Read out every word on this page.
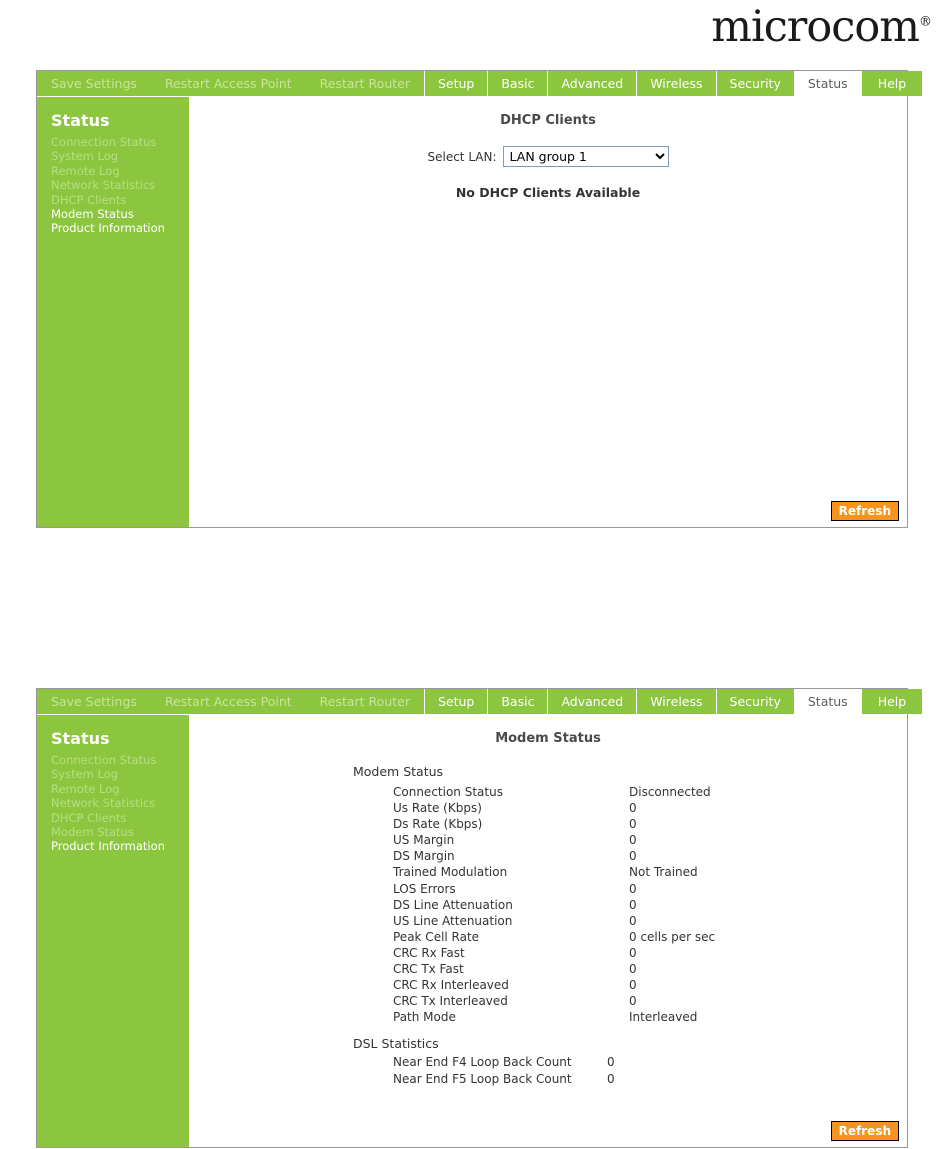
microcom®
Save Settings	Restart Access Point	Restart Router	Setup	Basic	Advanced	Wireless	Security	Status	Help
Status
Connection Status
System Log
Remote Log
Network Statistics
DHCP Clients
Modem Status
Product Information
DHCP Clients
Select LAN:
LAN group 1
No DHCP Clients Available
Refresh
Save Settings	Restart Access Point	Restart Router	Setup	Basic	Advanced	Wireless	Security	Status	Help
Status
Connection Status
System Log
Remote Log
Network Statistics
DHCP Clients
Modem Status
Product Information
Modem Status
Modem Status
Connection Status	Disconnected
Us Rate (Kbps)	0
Ds Rate (Kbps)	0
US Margin	0
DS Margin	0
Trained Modulation	Not Trained
LOS Errors	0
DS Line Attenuation	0
US Line Attenuation	0
Peak Cell Rate	0 cells per sec
CRC Rx Fast	0
CRC Tx Fast	0
CRC Rx Interleaved	0
CRC Tx Interleaved	0
Path Mode	Interleaved
DSL Statistics
Near End F4 Loop Back Count	0
Near End F5 Loop Back Count	0
Refresh
